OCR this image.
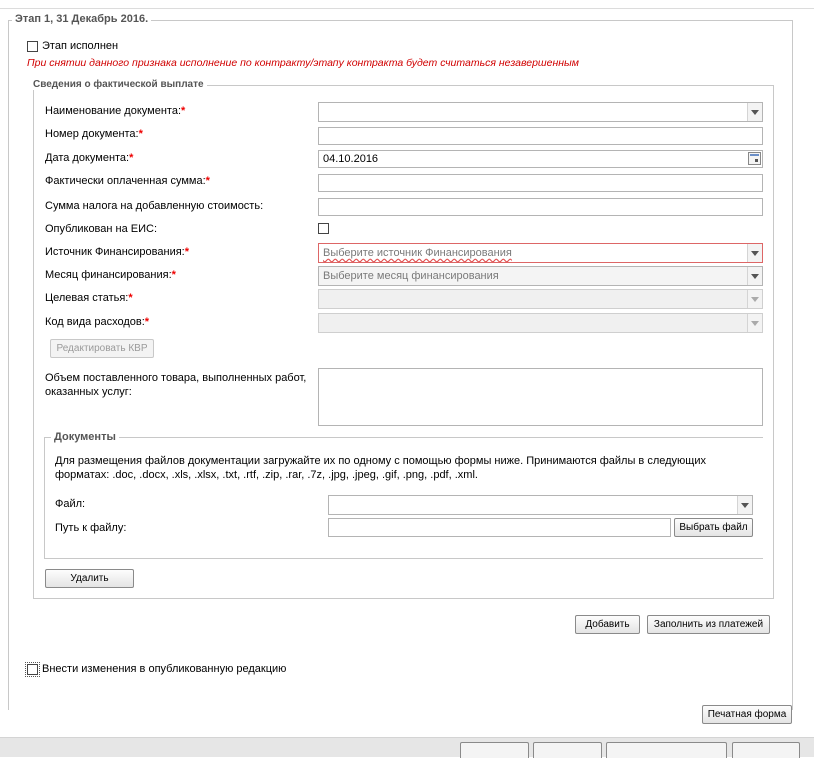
Этап 1, 31 Декабрь 2016.
Этап исполнен
При снятии данного признака исполнение по контракту/этапу контракта будет считаться незавершенным
Сведения о фактической выплате
Наименование документа:*
Номер документа:*
Дата документа:*	04.10.2016
Фактически оплаченная сумма:*
Сумма налога на добавленную стоимость:
Опубликован на ЕИС:
Источник Финансирования:*	Выберите источник Финансирования
Месяц финансирования:*	Выберите месяц финансирования
Целевая статья:*
Код вида расходов:*
Редактировать КВР
Объем поставленного товара, выполненных работ, оказанных услуг:
Документы
Для размещения файлов документации загружайте их по одному с помощью формы ниже. Принимаются файлы в следующих форматах: .doc, .docx, .xls, .xlsx, .txt, .rtf, .zip, .rar, .7z, .jpg, .jpeg, .gif, .png, .pdf, .xml.
Файл:
Путь к файлу:	Выбрать файл
Удалить
Добавить	Заполнить из платежей
Внести изменения в опубликованную редакцию
Печатная форма
